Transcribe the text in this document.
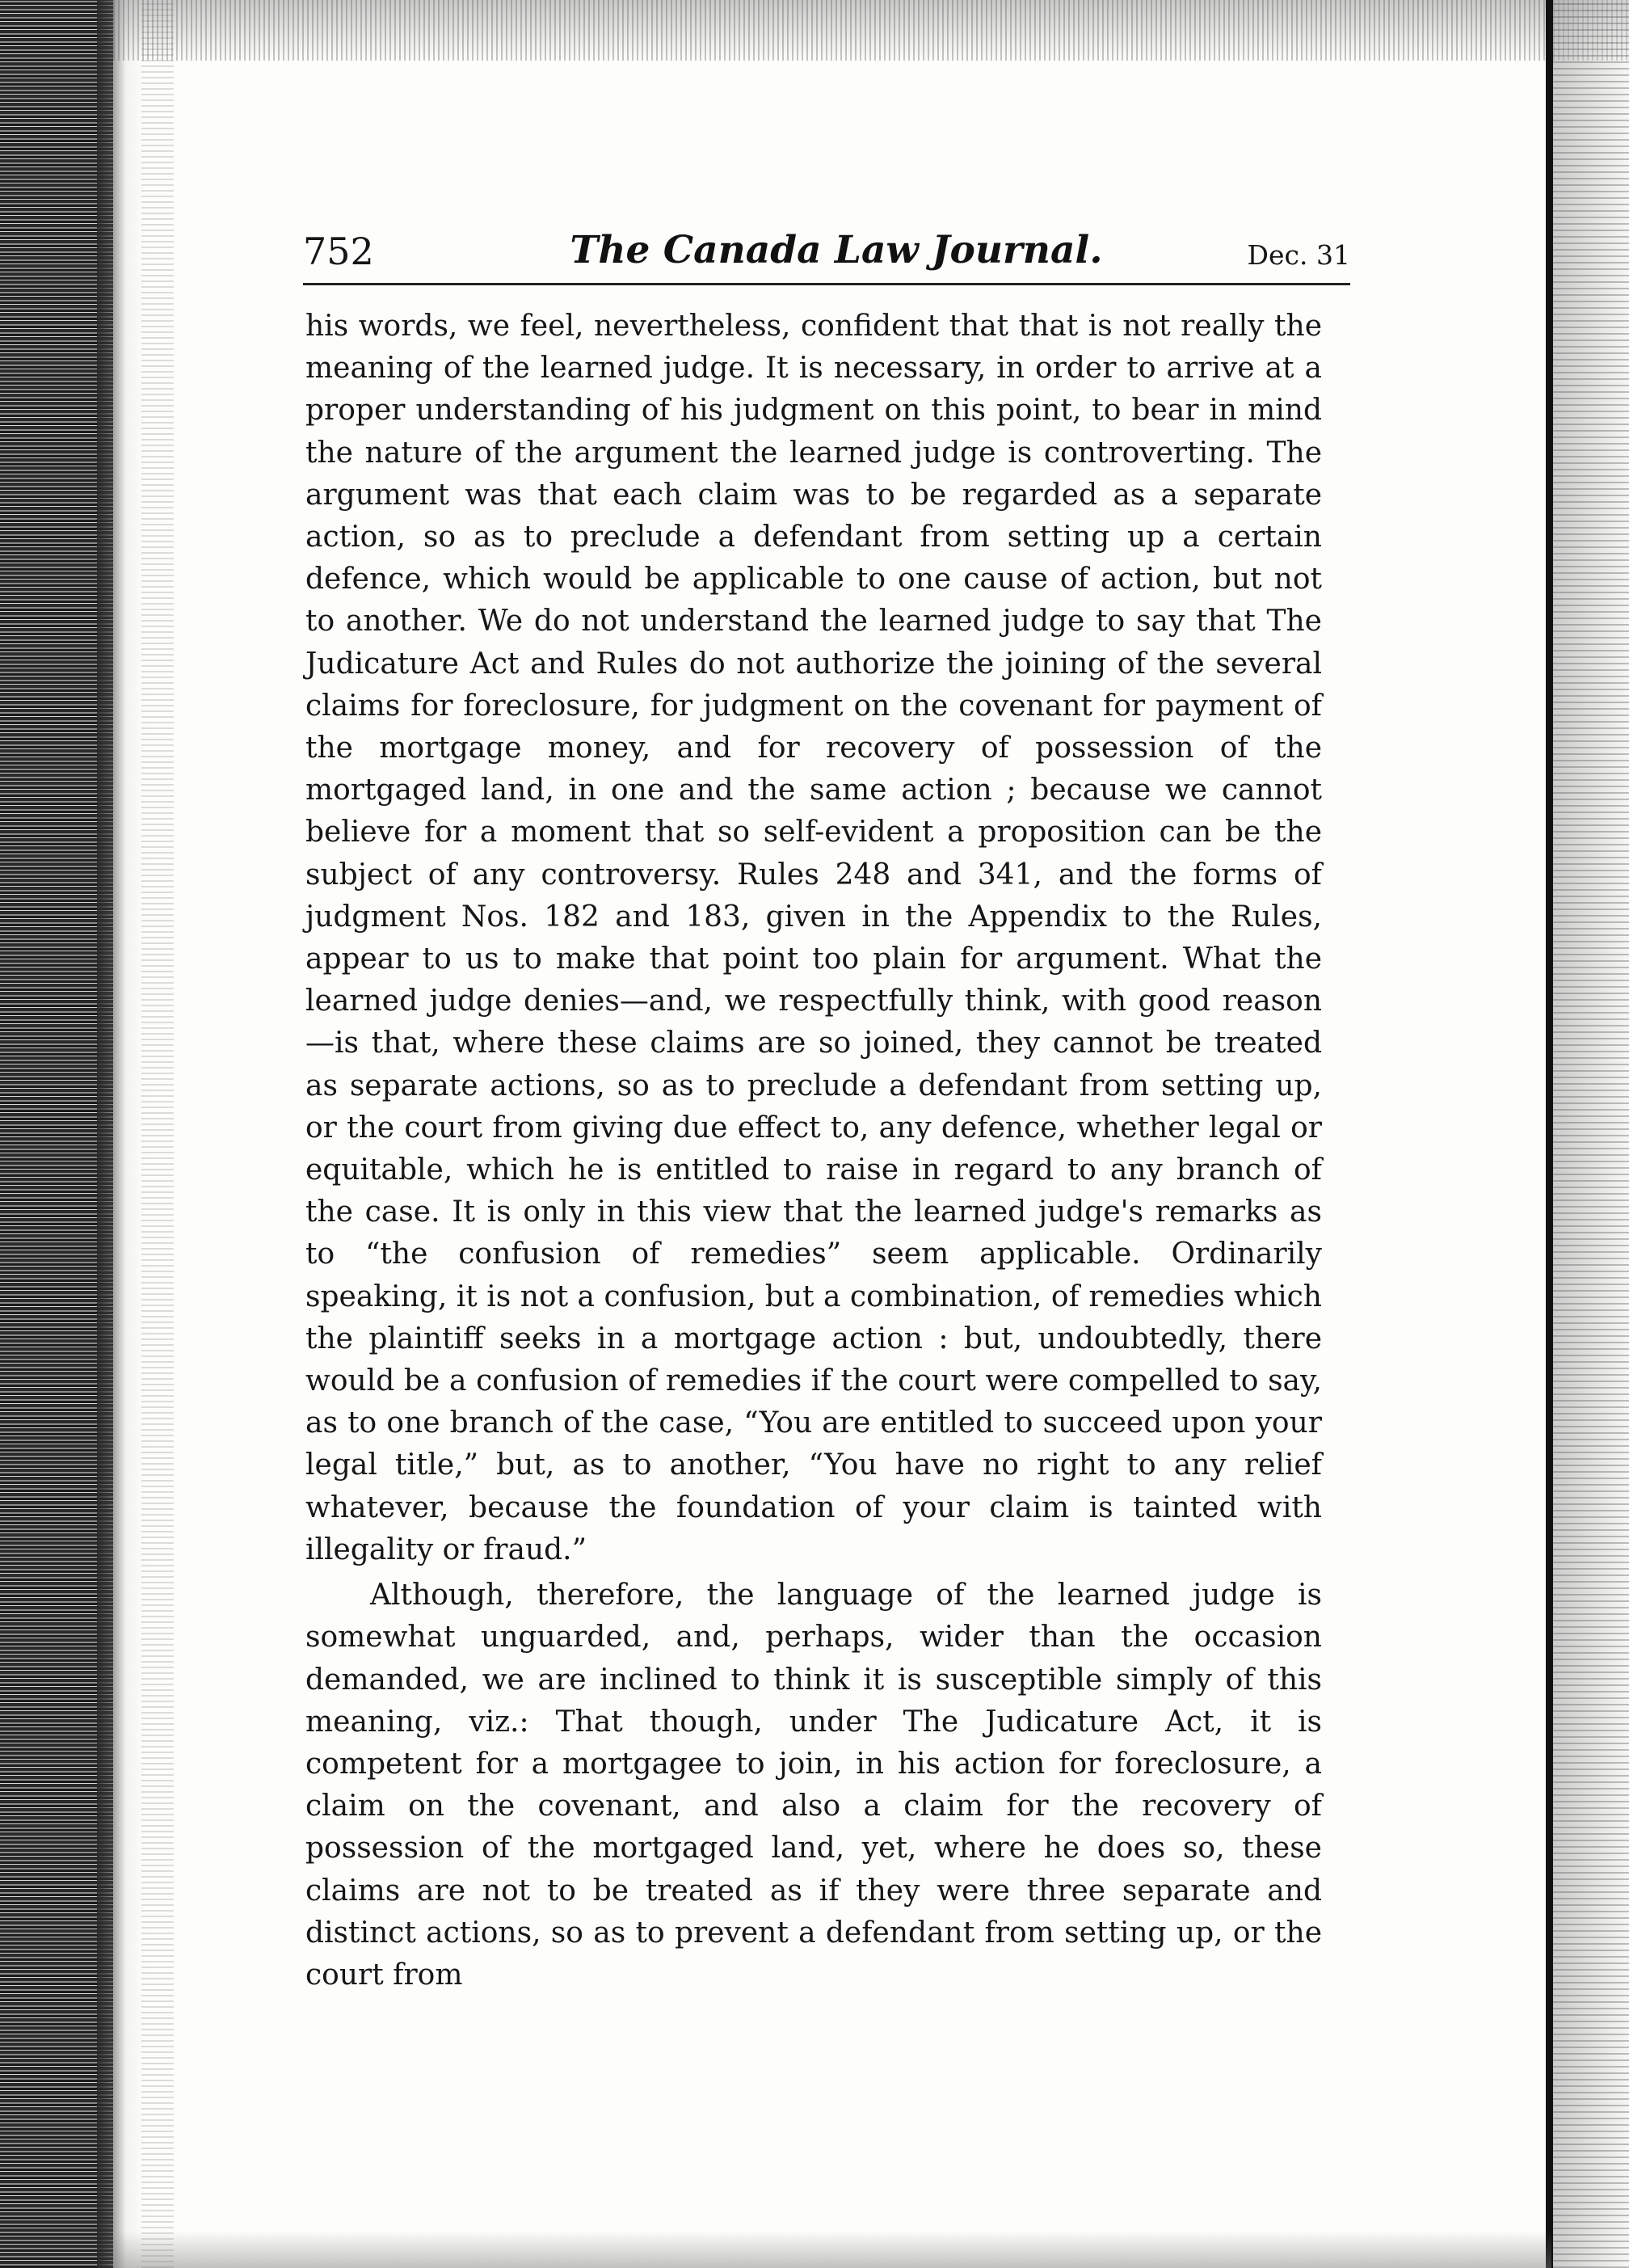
752	The Canada Law Journal.	Dec. 31

his words, we feel, nevertheless, confident that that is not really the meaning of the learned judge. It is necessary, in order to arrive at a proper understanding of his judgment on this point, to bear in mind the nature of the argument the learned judge is controverting. The argument was that each claim was to be regarded as a separate action, so as to preclude a defendant from setting up a certain defence, which would be applicable to one cause of action, but not to another. We do not understand the learned judge to say that The Judicature Act and Rules do not authorize the joining of the several claims for foreclosure, for judgment on the covenant for payment of the mortgage money, and for recovery of possession of the mortgaged land, in one and the same action ; because we cannot believe for a moment that so self-evident a proposition can be the subject of any controversy. Rules 248 and 341, and the forms of judgment Nos. 182 and 183, given in the Appendix to the Rules, appear to us to make that point too plain for argument. What the learned judge denies—and, we respectfully think, with good reason—is that, where these claims are so joined, they cannot be treated as separate actions, so as to preclude a defendant from setting up, or the court from giving due effect to, any defence, whether legal or equitable, which he is entitled to raise in regard to any branch of the case. It is only in this view that the learned judge's remarks as to “the confusion of remedies” seem applicable. Ordinarily speaking, it is not a confusion, but a combination, of remedies which the plaintiff seeks in a mortgage action : but, undoubtedly, there would be a confusion of remedies if the court were compelled to say, as to one branch of the case, “You are entitled to succeed upon your legal title,” but, as to another, “You have no right to any relief whatever, because the foundation of your claim is tainted with illegality or fraud.”

Although, therefore, the language of the learned judge is somewhat unguarded, and, perhaps, wider than the occasion demanded, we are inclined to think it is susceptible simply of this meaning, viz.: That though, under The Judicature Act, it is competent for a mortgagee to join, in his action for foreclosure, a claim on the covenant, and also a claim for the recovery of possession of the mortgaged land, yet, where he does so, these claims are not to be treated as if they were three separate and distinct actions, so as to prevent a defendant from setting up, or the court from
